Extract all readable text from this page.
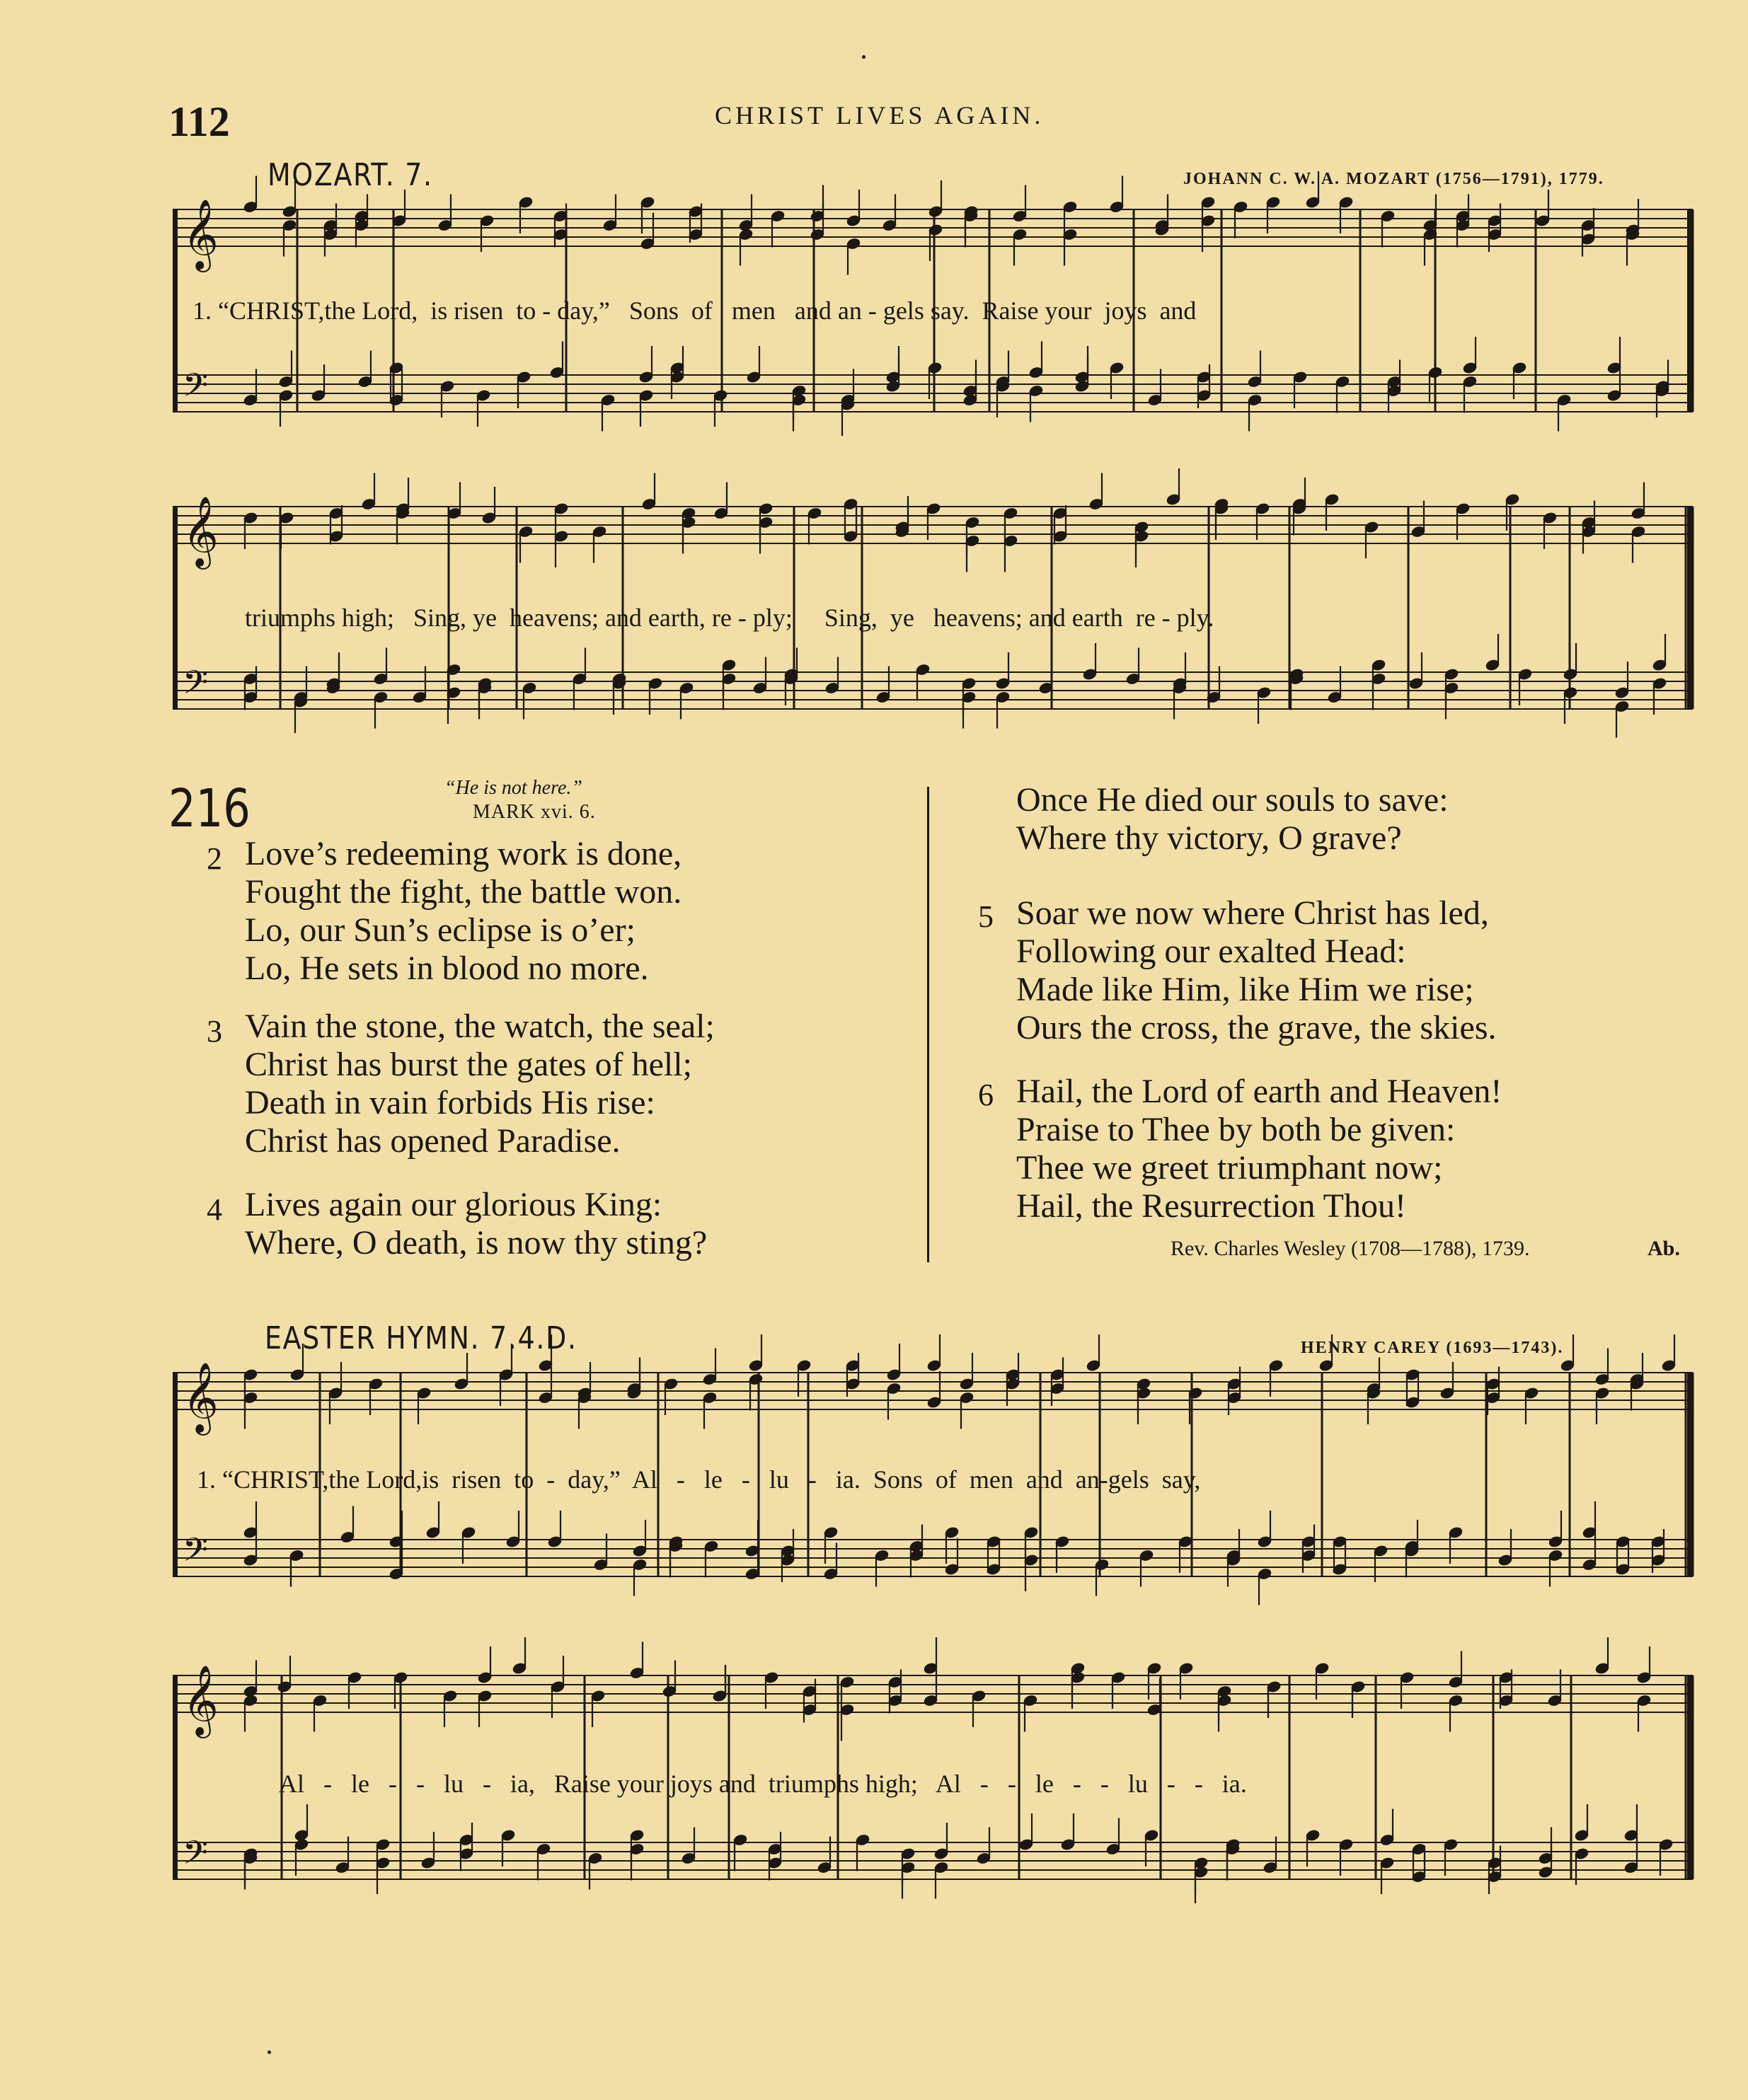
112	CHRIST LIVES AGAIN.
𝄞
𝄢
𝄞
𝄢
𝄞
𝄢
𝄞
𝄢
MOZART. 7.	JOHANN C. W. A. MOZART (1756—1791), 1779.
1. “CHRIST,the Lord,  is risen  to - day,”   Sons  of   men   and an - gels say.  Raise your  joys  and
triumphs high;   Sing, ye  heavens; and earth, re - ply;     Sing,  ye   heavens; and earth  re - ply.
216	“He is not here.”
MARK xvi. 6.
2 Love’s redeeming work is done,
Fought the fight, the battle won.
Lo, our Sun’s eclipse is o’er;
Lo, He sets in blood no more.
3 Vain the stone, the watch, the seal;
Christ has burst the gates of hell;
Death in vain forbids His rise:
Christ has opened Paradise.
4 Lives again our glorious King:
Where, O death, is now thy sting?
Once He died our souls to save:
Where thy victory, O grave?
5 Soar we now where Christ has led,
Following our exalted Head:
Made like Him, like Him we rise;
Ours the cross, the grave, the skies.
6 Hail, the Lord of earth and Heaven!
Praise to Thee by both be given:
Thee we greet triumphant now;
Hail, the Resurrection Thou!
Rev. Charles Wesley (1708—1788), 1739.	Ab.
EASTER HYMN. 7.4.D.	HENRY CAREY (1693—1743).
1. “CHRIST,the Lord,is  risen  to  -  day,”  Al   -   le   -   lu   -   ia.  Sons  of  men  and  an-gels  say,
Al   -   le   -   -   lu   -   ia,   Raise your joys and  triumphs high;   Al   -   -   le   -   -   lu   -   -   ia.
